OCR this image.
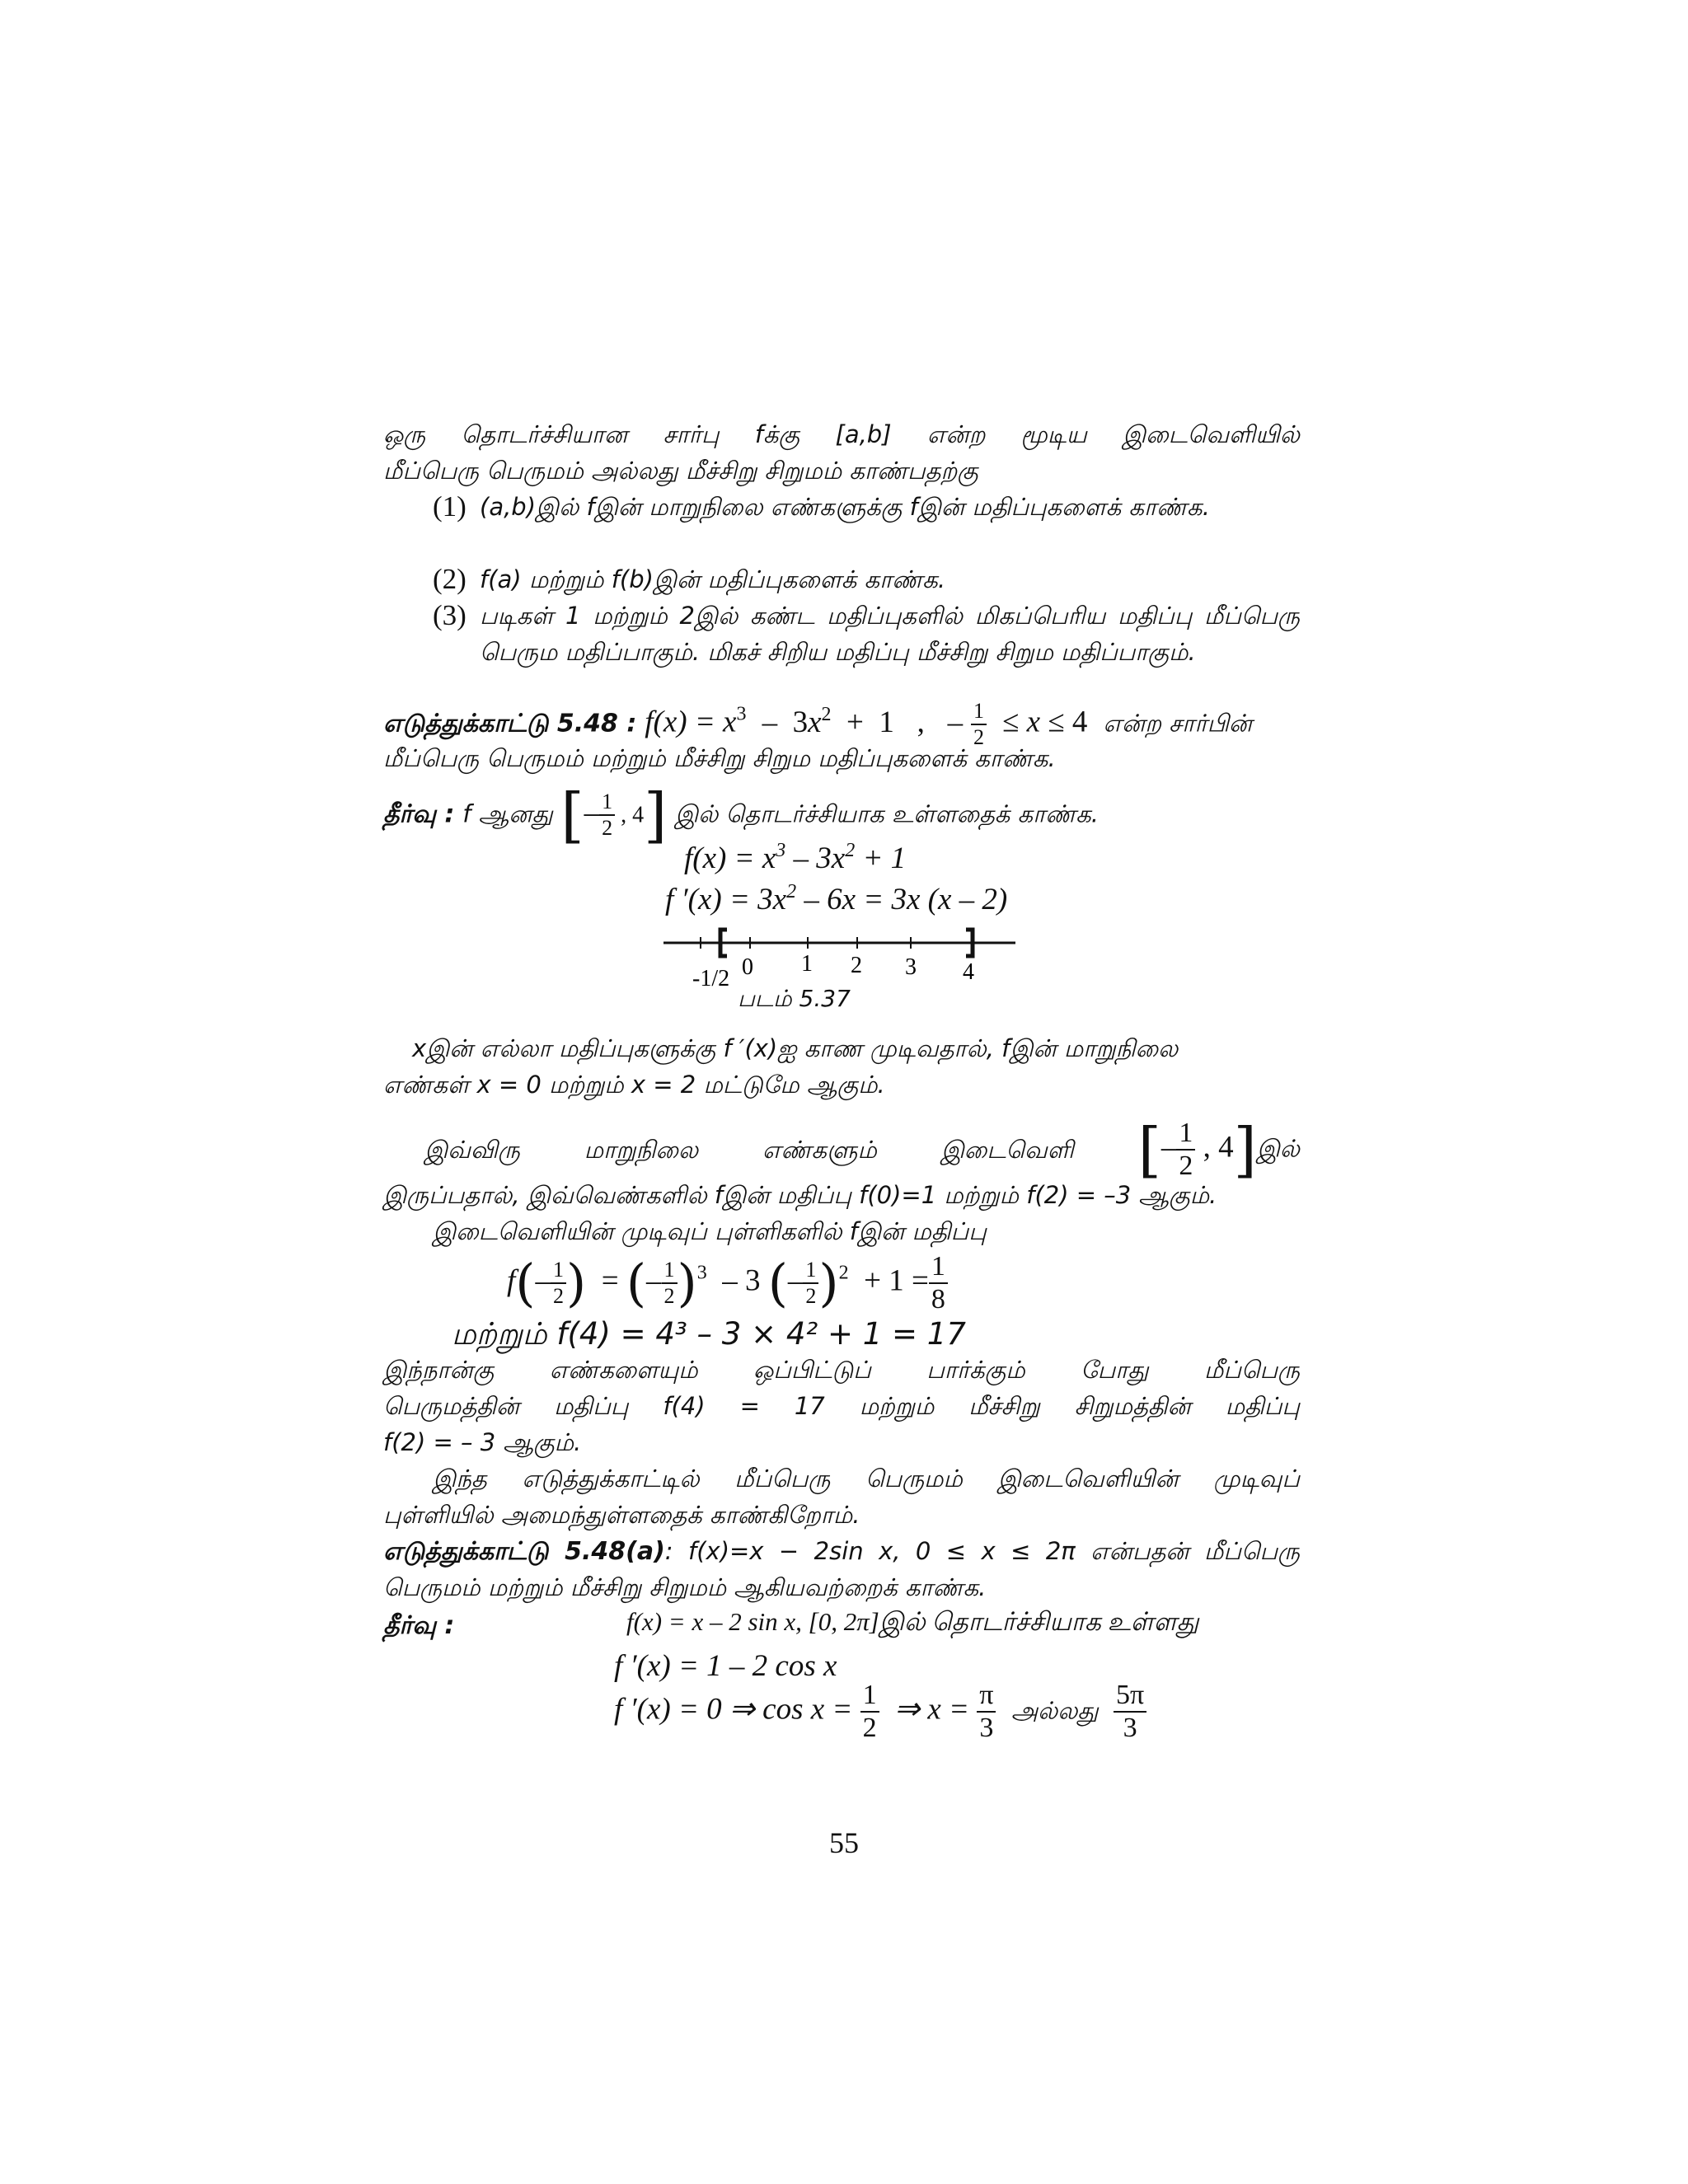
ஒரு தொடர்ச்சியான சார்பு fக்கு [a,b] என்ற மூடிய இடைவெளியில்
மீப்பெரு பெருமம் அல்லது மீச்சிறு சிறுமம் காண்பதற்கு
(1) (a,b)இல் fஇன் மாறுநிலை எண்களுக்கு fஇன் மதிப்புகளைக் காண்க.
(2) f(a) மற்றும் f(b)இன் மதிப்புகளைக் காண்க.
(3) படிகள் 1 மற்றும் 2இல் கண்ட மதிப்புகளில் மிகப்பெரிய மதிப்பு மீப்பெரு பெரும மதிப்பாகும். மிகச் சிறிய மதிப்பு மீச்சிறு சிறும மதிப்பாகும்.
எடுத்துக்காட்டு 5.48 : $f(x) = x^3 - 3x^2 + 1$   ,   – $\frac{1}{2} \le x \le 4$  என்ற சார்பின்
மீப்பெரு பெருமம் மற்றும் மீச்சிறு சிறும மதிப்புகளைக் காண்க.
தீர்வு : f ஆனது [– $\frac{1}{2}$ , 4] இல் தொடர்ச்சியாக உள்ளதைக் காண்க.
$f(x) = x^3 - 3x^2 + 1$
f $'(x) = 3x^2 - 6x = 3x$ (x – 2)
-1/2 0 1 2 3 4
படம் 5.37
xஇன் எல்லா மதிப்புகளுக்கு f ′(x)ஐ காண முடிவதால், fஇன் மாறுநிலை
எண்கள் x = 0 மற்றும் x = 2 மட்டுமே ஆகும்.
இவ்விரு	மாறுநிலை	எண்களும்	இடைவெளி [– $\frac{1}{2}$ , 4]இல்
இருப்பதால், இவ்வெண்களில் fஇன் மதிப்பு f(0)=1 மற்றும் f(2) = –3 ஆகும்.
இடைவெளியின் முடிவுப் புள்ளிகளில் fஇன் மதிப்பு
$f(- \frac{1}{2}$ )  = (– $\frac{1}{2} )^3 - 3$ (– $\frac{1}{2} )^2 + 1 = \frac{1}{8}$
மற்றும் f(4) = 4³ – 3 × 4² + 1 = 17
இந்நான்கு எண்களையும் ஒப்பிட்டுப் பார்க்கும் போது மீப்பெரு
பெருமத்தின் மதிப்பு f(4) = 17 மற்றும் மீச்சிறு சிறுமத்தின் மதிப்பு
f(2) = – 3 ஆகும்.
இந்த எடுத்துக்காட்டில் மீப்பெரு பெருமம் இடைவெளியின் முடிவுப்
புள்ளியில் அமைந்துள்ளதைக் காண்கிறோம்.
எடுத்துக்காட்டு 5.48(a): f(x)=x − 2sin x, 0 ≤ x ≤ 2π என்பதன் மீப்பெரு
பெருமம் மற்றும் மீச்சிறு சிறுமம் ஆகியவற்றைக் காண்க.
தீர்வு :	f(x) = x – 2 sin x, [0, 2π]இல் தொடர்ச்சியாக உள்ளது
f ′(x) = 1 – 2 cos x
f ′(x) = 0 ⇒ $\cos x = \frac{1}{2}$ ⇒ $x = \frac{\pi}{3}$ அல்லது $\frac{5\pi}{3}$
55
